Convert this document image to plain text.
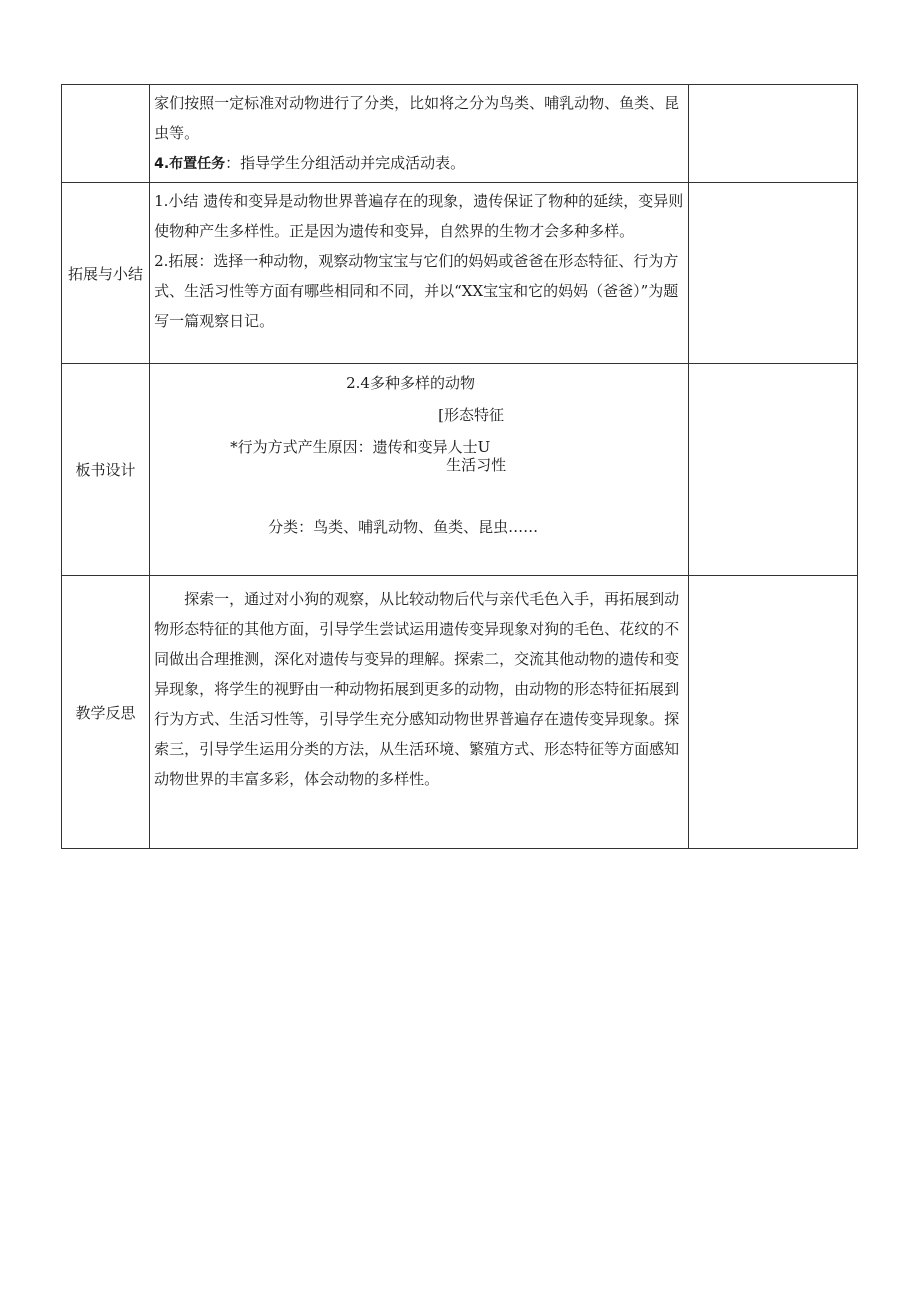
	家们按照一定标准对动物进行了分类，比如将之分为鸟类、哺乳动物、鱼类、昆虫等。

4.布置任务：指导学生分组活动并完成活动表。	

拓展与小结	1.小结 遗传和变异是动物世界普遍存在的现象，遗传保证了物种的延续，变异则使物种产生多样性。正是因为遗传和变异，自然界的生物才会多种多样。

2.拓展：选择一种动物，观察动物宝宝与它们的妈妈或爸爸在形态特征、行为方式、生活习性等方面有哪些相同和不同，并以“XX宝宝和它的妈妈（爸爸）”为题写一篇观察日记。	

板书设计	2.4多种多样的动物
[形态特征
*行为方式产生原因：遗传和变异人士U
生活习性
分类：鸟类、哺乳动物、鱼类、昆虫……	

教学反思	探索一，通过对小狗的观察，从比较动物后代与亲代毛色入手，再拓展到动物形态特征的其他方面，引导学生尝试运用遗传变异现象对狗的毛色、花纹的不同做出合理推测，深化对遗传与变异的理解。探索二，交流其他动物的遗传和变异现象，将学生的视野由一种动物拓展到更多的动物，由动物的形态特征拓展到行为方式、生活习性等，引导学生充分感知动物世界普遍存在遗传变异现象。探索三，引导学生运用分类的方法，从生活环境、繁殖方式、形态特征等方面感知动物世界的丰富多彩，体会动物的多样性。	
